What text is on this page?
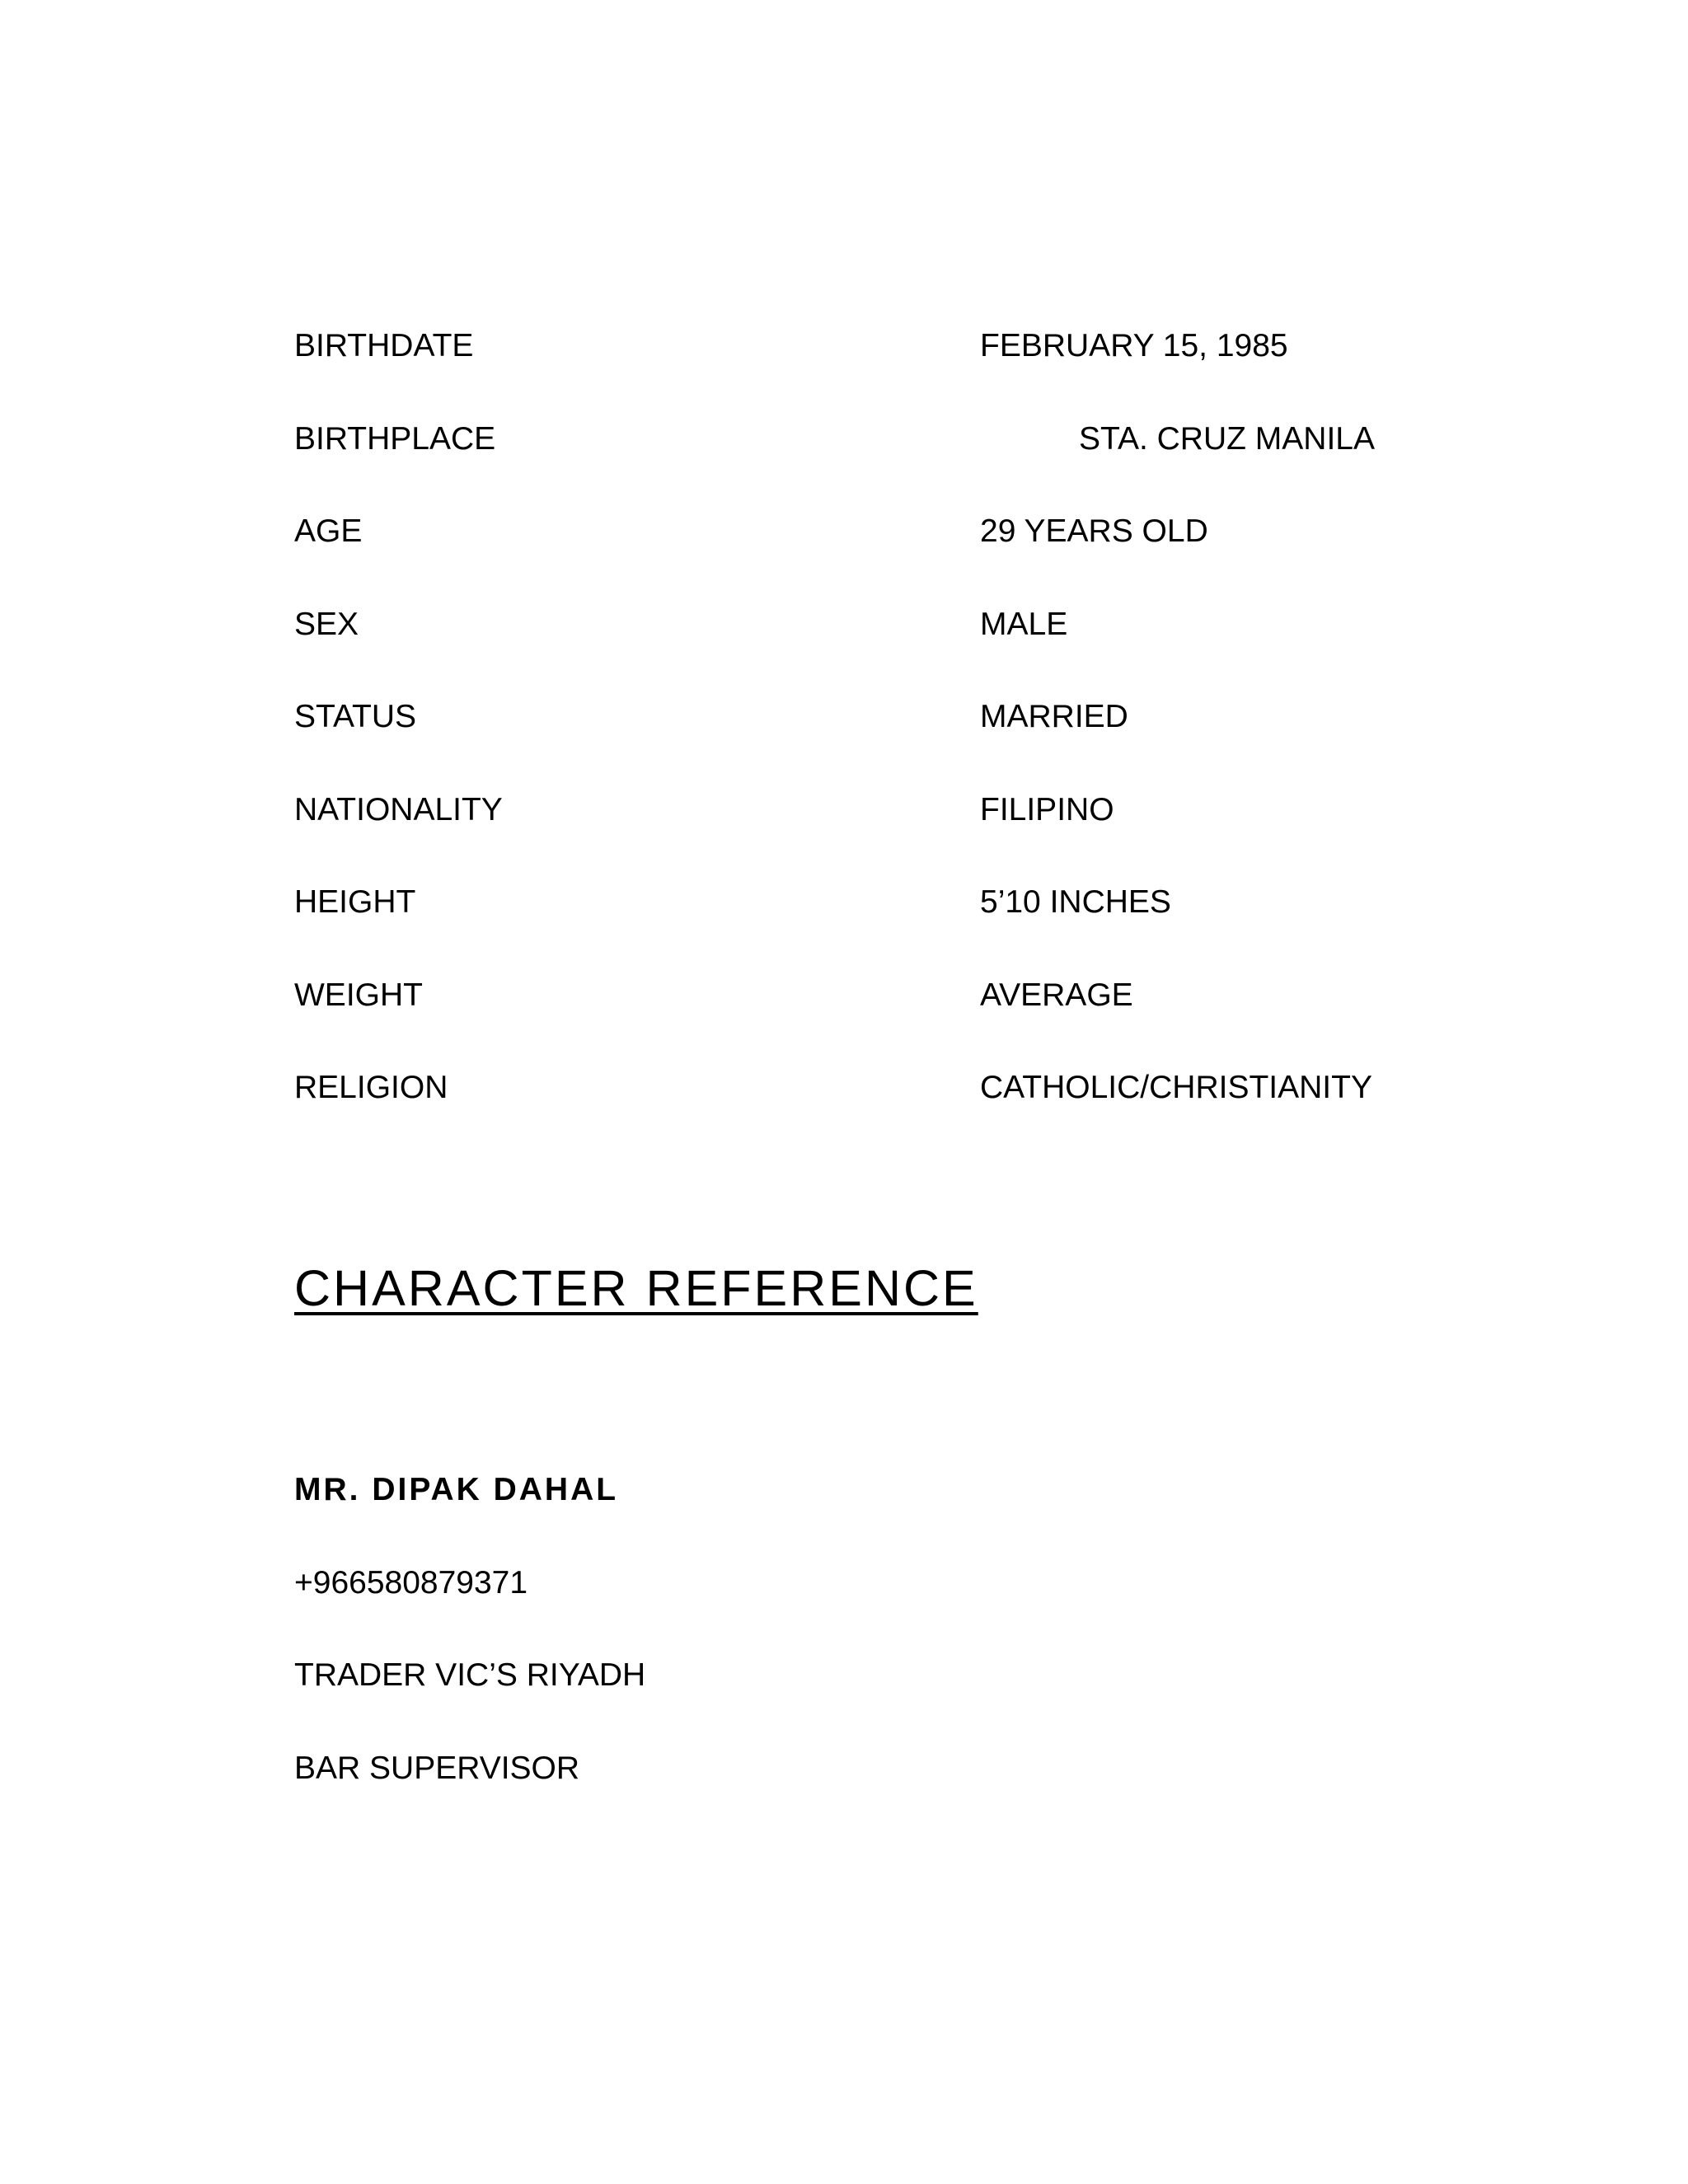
BIRTHDATE	FEBRUARY 15, 1985
BIRTHPLACE	STA. CRUZ MANILA
AGE	29 YEARS OLD
SEX	MALE
STATUS	MARRIED
NATIONALITY	FILIPINO
HEIGHT	5’10 INCHES
WEIGHT	AVERAGE
RELIGION	CATHOLIC/CHRISTIANITY
CHARACTER REFERENCE
MR. DIPAK DAHAL
+966580879371
TRADER VIC’S RIYADH
BAR SUPERVISOR
